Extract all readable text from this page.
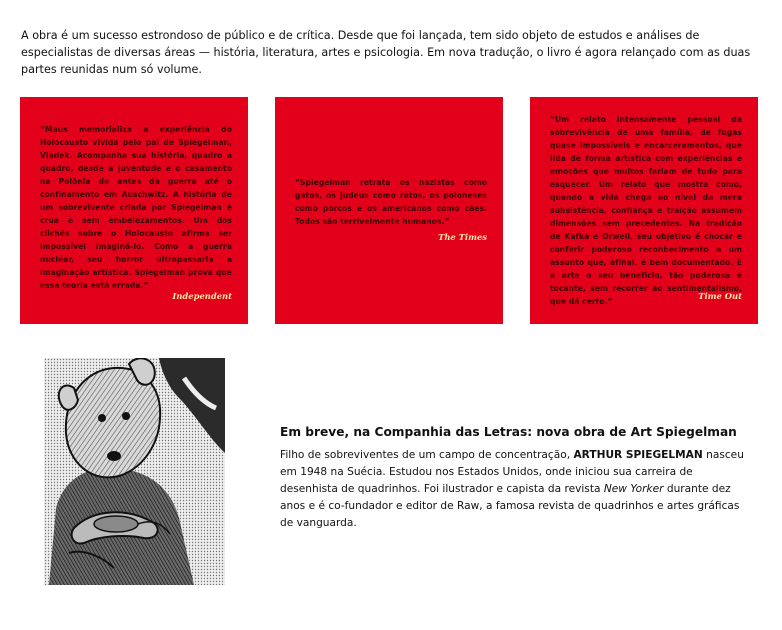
A obra é um sucesso estrondoso de público e de crítica. Desde que foi lançada, tem sido objeto de estudos e análises de especialistas de diversas áreas — história, literatura, artes e psicologia. Em nova tradução, o livro é agora relançado com as duas partes reunidas num só volume.

“Maus memorializa a experiência do Holocausto vivida pelo pai de Spiegelman, Vladek. Acompanha sua história, quadro a quadro, desde a juventude e o casamento na Polônia de antes da guerra até o confinamento em Auschwitz. A história de um sobrevivente criada por Spiegelman é crua e sem embelezamentos. Um dos clichês sobre o Holocausto afirma ser impossível imaginá-lo. Como a guerra nuclear, seu horror ultrapassaria a imaginação artística. Spiegelman prova que essa teoria está errada.”
Independent
“Spiegelman retrata os nazistas como gatos, os judeus como ratos, os poloneses como porcos e os americanos como cães. Todos são terrivelmente humanos.”
The Times
“Um relato intensamente pessoal da sobrevivência de uma família, de fugas quase impossíveis e encarceramentos, que lida de forma artística com experiências e emoções que muitos fariam de tudo para esquecer. Um relato que mostra como, quando a vida chega ao nível da mera subsistência, confiança e traição assumem dimensões sem precedentes. Na tradição de Kafka e Orwell, seu objetivo é chocar e conferir poderoso reconhecimento a um assunto que, afinal, é bem documentado. É a arte o seu benefício, tão poderosa e tocante, sem recorrer ao sentimentalismo, que dá certo.”
Time Out
Em breve, na Companhia das Letras: nova obra de Art Spiegelman
Filho de sobreviventes de um campo de concentração, ARTHUR SPIEGELMAN nasceu em 1948 na Suécia. Estudou nos Estados Unidos, onde iniciou sua carreira de desenhista de quadrinhos. Foi ilustrador e capista da revista New Yorker durante dez anos e é co-fundador e editor de Raw, a famosa revista de quadrinhos e artes gráficas de vanguarda.
